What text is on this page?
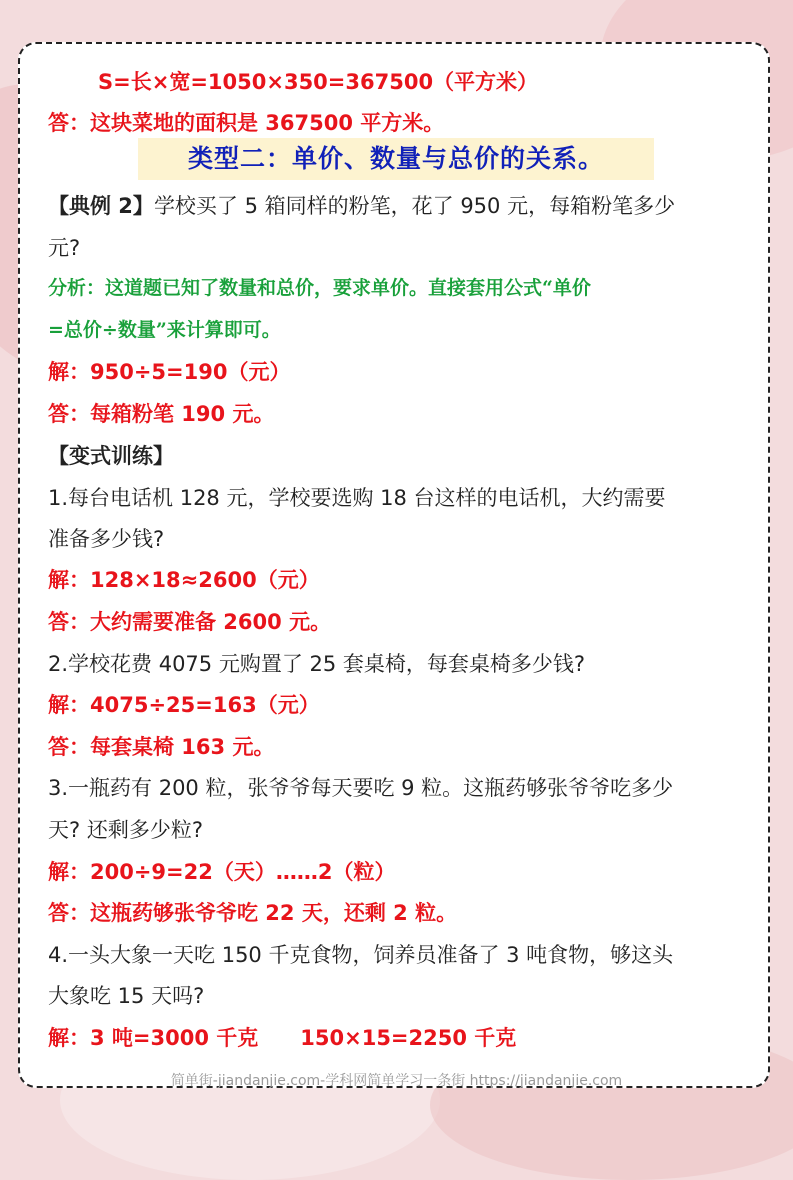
S=长×宽=1050×350=367500（平方米）
答：这块菜地的面积是 367500 平方米。
类型二：单价、数量与总价的关系。
【典例 2】学校买了 5 箱同样的粉笔，花了 950 元，每箱粉笔多少
元?
分析：这道题已知了数量和总价，要求单价。直接套用公式“单价
=总价÷数量”来计算即可。
解：950÷5=190（元）
答：每箱粉笔 190 元。
【变式训练】
1.每台电话机 128 元，学校要选购 18 台这样的电话机，大约需要
准备多少钱?
解：128×18≈2600（元）
答：大约需要准备 2600 元。
2.学校花费 4075 元购置了 25 套桌椅，每套桌椅多少钱?
解：4075÷25=163（元）
答：每套桌椅 163 元。
3.一瓶药有 200 粒，张爷爷每天要吃 9 粒。这瓶药够张爷爷吃多少
天? 还剩多少粒?
解：200÷9=22（天）……2（粒）
答：这瓶药够张爷爷吃 22 天，还剩 2 粒。
4.一头大象一天吃 150 千克食物，饲养员准备了 3 吨食物，够这头
大象吃 15 天吗?
解：3 吨=3000 千克　　150×15=2250 千克
简单街-jiandanjie.com-学科网简单学习一条街 https://jiandanjie.com
